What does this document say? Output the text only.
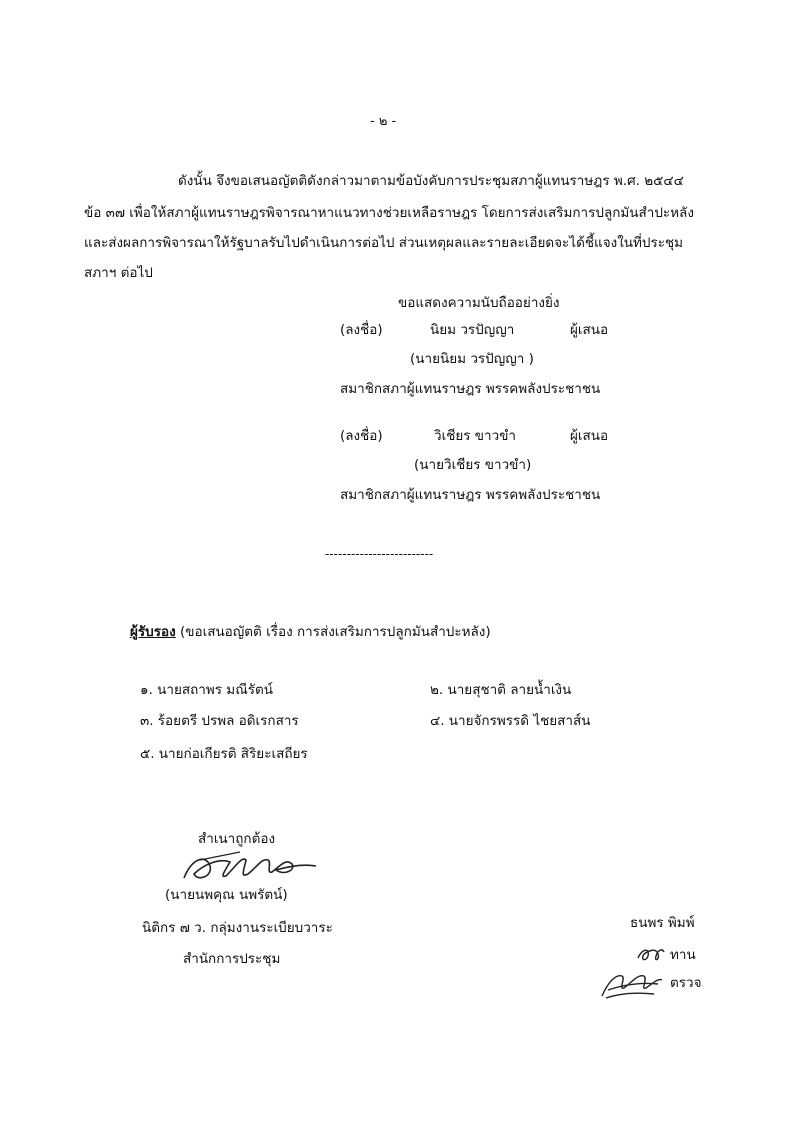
- ๒ -
ดังนั้น จึงขอเสนอญัตติดังกล่าวมาตามข้อบังคับการประชุมสภาผู้แทนราษฎร พ.ศ. ๒๕๔๔
ข้อ ๓๗ เพื่อให้สภาผู้แทนราษฎรพิจารณาหาแนวทางช่วยเหลือราษฎร โดยการส่งเสริมการปลูกมันสำปะหลัง
และส่งผลการพิจารณาให้รัฐบาลรับไปดำเนินการต่อไป ส่วนเหตุผลและรายละเอียดจะได้ชี้แจงในที่ประชุม
สภาฯ ต่อไป
ขอแสดงความนับถืออย่างยิ่ง
(ลงชื่อ)	นิยม วรปัญญา	ผู้เสนอ
(นายนิยม วรปัญญา )
สมาชิกสภาผู้แทนราษฎร พรรคพลังประชาชน
(ลงชื่อ)	วิเชียร ขาวขำ	ผู้เสนอ
(นายวิเชียร ขาวขำ)
สมาชิกสภาผู้แทนราษฎร พรรคพลังประชาชน
-------------------------
ผู้รับรอง (ขอเสนอญัตติ เรื่อง การส่งเสริมการปลูกมันสำปะหลัง)
๑. นายสถาพร มณีรัตน์	๒. นายสุชาติ ลายน้ำเงิน
๓. ร้อยตรี ปรพล อดิเรกสาร	๔. นายจักรพรรดิ ไชยสาส์น
๕. นายก่อเกียรติ สิริยะเสถียร
สำเนาถูกต้อง
(นายนพคุณ นพรัตน์)
นิติกร ๗ ว. กลุ่มงานระเบียบวาระ
สำนักการประชุม
ธนพร พิมพ์
ทาน
ตรวจ
